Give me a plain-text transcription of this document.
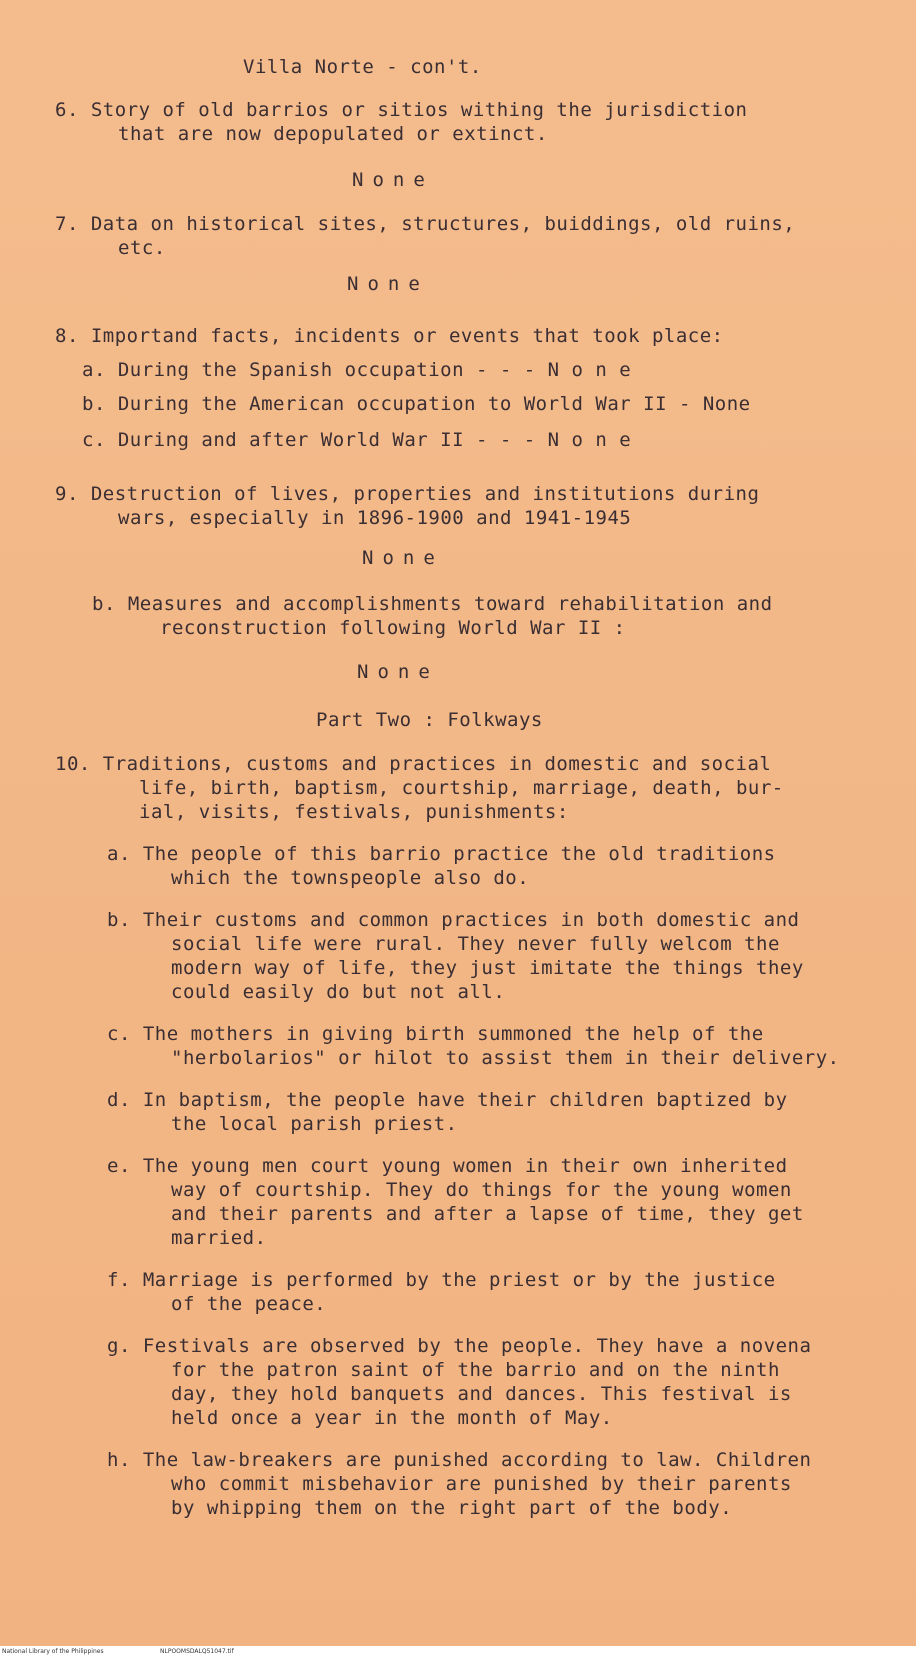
Villa Norte - con't.

6. Story of old barrios or sitios withing the jurisdiction

that are now depopulated or extinct.

None

7. Data on historical sites, structures, buiddings, old ruins,

etc.

None

8. Importand facts, incidents or events that took place:

a. During the Spanish occupation - - - N o n e

b. During the American occupation to World War II - None

c. During and after World War II - - - N o n e

9. Destruction of lives, properties and institutions during

wars, especially in 1896-1900 and 1941-1945

None

b. Measures and accomplishments toward rehabilitation and

reconstruction following World War II :

None

Part Two : Folkways

10. Traditions, customs and practices in domestic and social

life, birth, baptism, courtship, marriage, death, bur-

ial, visits, festivals, punishments:

a. The people of this barrio practice the old traditions

which the townspeople also do.

b. Their customs and common practices in both domestic and

social life were rural. They never fully welcom the

modern way of life, they just imitate the things they

could easily do but not all.

c. The mothers in giving birth summoned the help of the

"herbolarios" or hilot to assist them in their delivery.

d. In baptism, the people have their children baptized by

the local parish priest.

e. The young men court young women in their own inherited

way of courtship. They do things for the young women

and their parents and after a lapse of time, they get

married.

f. Marriage is performed by the priest or by the justice

of the peace.

g. Festivals are observed by the people. They have a novena

for the patron saint of the barrio and on the ninth

day, they hold banquets and dances. This festival is

held once a year in the month of May.

h. The law-breakers are punished according to law. Children

who commit misbehavior are punished by their parents

by whipping them on the right part of the body.

National Library of the Philippines	NLPOOMSDALQ51047.tif
